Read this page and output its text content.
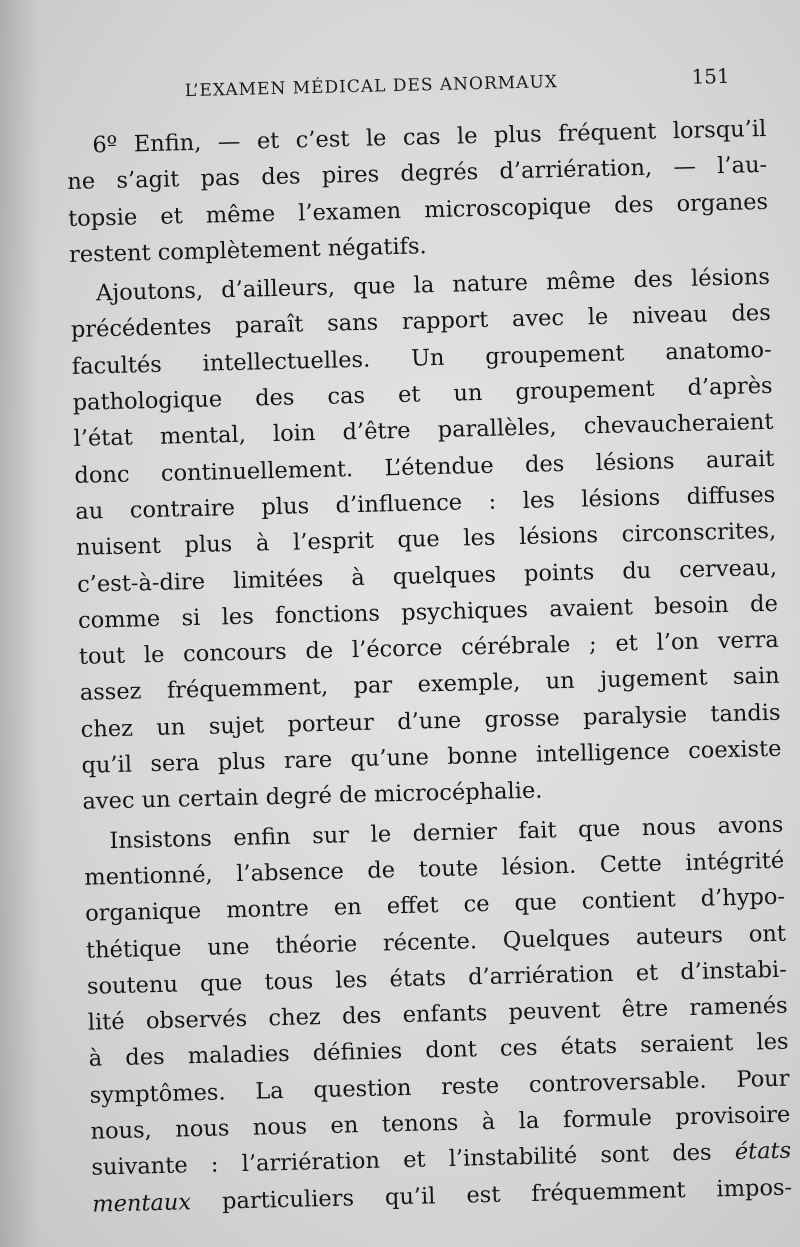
L’EXAMEN MÉDICAL DES ANORMAUX	151
6º Enfin, — et c’est le cas le plus fréquent lorsqu’il
ne s’agit pas des pires degrés d’arriération, — l’au-
topsie et même l’examen microscopique des organes
restent complètement négatifs.
Ajoutons, d’ailleurs, que la nature même des lésions
précédentes paraît sans rapport avec le niveau des
facultés intellectuelles. Un groupement anatomo-
pathologique des cas et un groupement d’après
l’état mental, loin d’être parallèles, chevaucheraient
donc continuellement. L’étendue des lésions aurait
au contraire plus d’influence : les lésions diffuses
nuisent plus à l’esprit que les lésions circonscrites,
c’est-à-dire limitées à quelques points du cerveau,
comme si les fonctions psychiques avaient besoin de
tout le concours de l’écorce cérébrale ; et l’on verra
assez fréquemment, par exemple, un jugement sain
chez un sujet porteur d’une grosse paralysie tandis
qu’il sera plus rare qu’une bonne intelligence coexiste
avec un certain degré de microcéphalie.
Insistons enfin sur le dernier fait que nous avons
mentionné, l’absence de toute lésion. Cette intégrité
organique montre en effet ce que contient d’hypo-
thétique une théorie récente. Quelques auteurs ont
soutenu que tous les états d’arriération et d’instabi-
lité observés chez des enfants peuvent être ramenés
à des maladies définies dont ces états seraient les
symptômes. La question reste controversable. Pour
nous, nous nous en tenons à la formule provisoire
suivante : l’arriération et l’instabilité sont des états
mentaux particuliers qu’il est fréquemment impos-
